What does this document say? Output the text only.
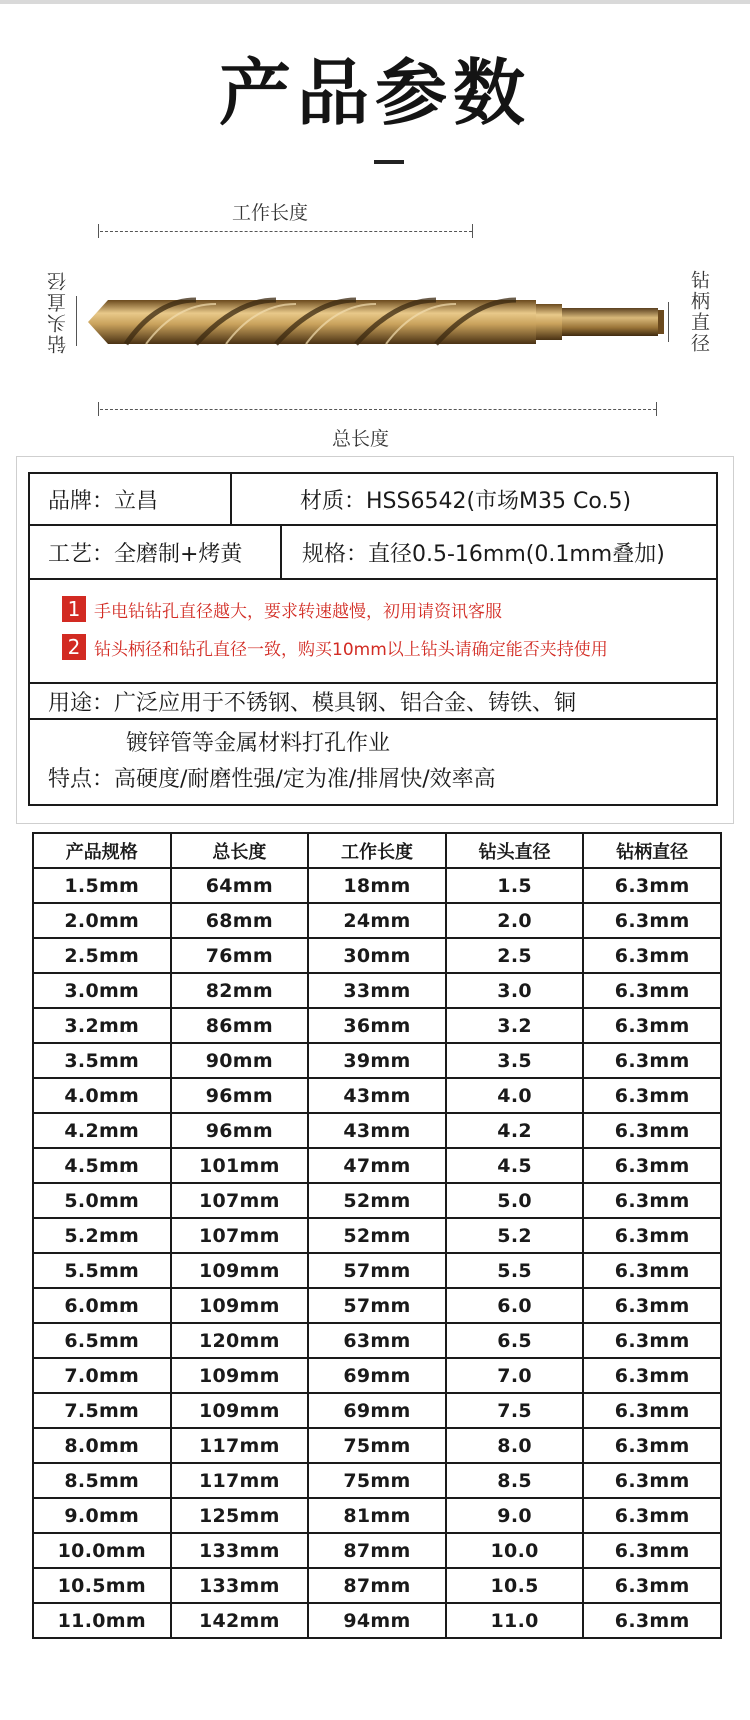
产品参数
工作长度
钻头直径	钻柄直径
总长度
品牌：立昌	材质：HSS6542(市场M35 Co.5)
工艺：全磨制+烤黄	规格：直径0.5-16mm(0.1mm叠加)
1 手电钻钻孔直径越大，要求转速越慢，初用请资讯客服
2 钻头柄径和钻孔直径一致，购买10mm以上钻头请确定能否夹持使用
用途：广泛应用于不锈钢、模具钢、铝合金、铸铁、铜
镀锌管等金属材料打孔作业
特点：高硬度/耐磨性强/定为准/排屑快/效率高
产品规格	总长度	工作长度	钻头直径	钻柄直径
1.5mm	64mm	18mm	1.5	6.3mm
2.0mm	68mm	24mm	2.0	6.3mm
2.5mm	76mm	30mm	2.5	6.3mm
3.0mm	82mm	33mm	3.0	6.3mm
3.2mm	86mm	36mm	3.2	6.3mm
3.5mm	90mm	39mm	3.5	6.3mm
4.0mm	96mm	43mm	4.0	6.3mm
4.2mm	96mm	43mm	4.2	6.3mm
4.5mm	101mm	47mm	4.5	6.3mm
5.0mm	107mm	52mm	5.0	6.3mm
5.2mm	107mm	52mm	5.2	6.3mm
5.5mm	109mm	57mm	5.5	6.3mm
6.0mm	109mm	57mm	6.0	6.3mm
6.5mm	120mm	63mm	6.5	6.3mm
7.0mm	109mm	69mm	7.0	6.3mm
7.5mm	109mm	69mm	7.5	6.3mm
8.0mm	117mm	75mm	8.0	6.3mm
8.5mm	117mm	75mm	8.5	6.3mm
9.0mm	125mm	81mm	9.0	6.3mm
10.0mm	133mm	87mm	10.0	6.3mm
10.5mm	133mm	87mm	10.5	6.3mm
11.0mm	142mm	94mm	11.0	6.3mm
